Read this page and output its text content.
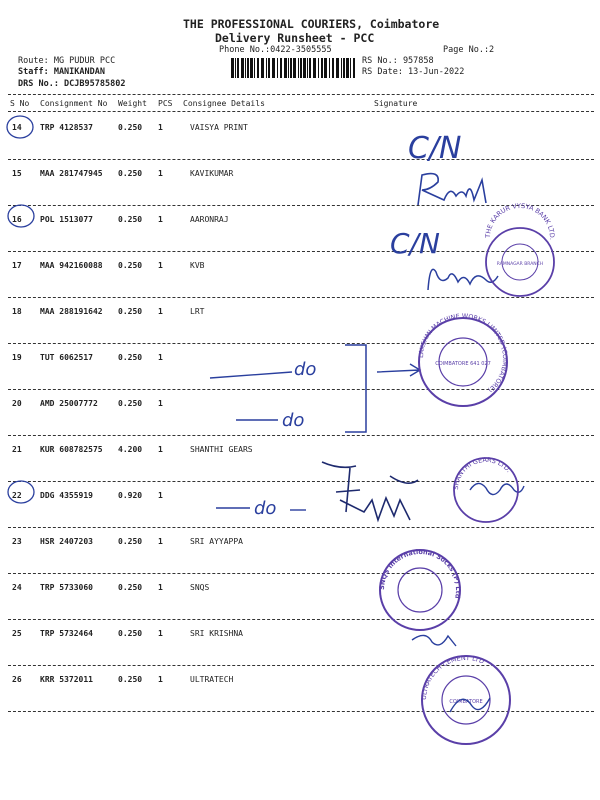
THE PROFESSIONAL COURIERS, Coimbatore
Delivery Runsheet - PCC
Phone No.:0422-3505555	Page No.:2
Route: MG PUDUR PCC
Staff: MANIKANDAN
DRS No.: DCJB95785802
RS No.: 957858
RS Date: 13-Jun-2022
S No Consignment No Weight PCS Consignee Details	Signature
14 TRP 4128537	0.250 1	VAISYA PRINT
15 MAA 281747945 0.250 1	KAVIKUMAR
16 POL 1513077	0.250 1	AARONRAJ
17 MAA 942160088 0.250 1	KVB
18 MAA 288191642 0.250 1	LRT
19 TUT 6062517	0.250 1
20 AMD 25007772	0.250 1
21 KUR 608782575 4.200 1	SHANTHI GEARS
22 DDG 4355919	0.920 1
23 HSR 2407203	0.250 1	SRI AYYAPPA
24 TRP 5733060	0.250 1	SNQS
25 TRP 5732464	0.250 1	SRI KRISHNA
26 KRR 5372011	0.250 1	ULTRATECH
C/N
C/N
do
do
do
THE KARUR VYSYA BANK LTD.
RAMNAGAR BRANCH
LAKSHMI MACHINE WORKS LIMITED (COIMBATORE)
COIMBATORE 641 027
SHANTHI GEARS LTD.
SNQS International Socks (P) Ltd
ULTRATECH CEMENT LTD
COIMBATORE
